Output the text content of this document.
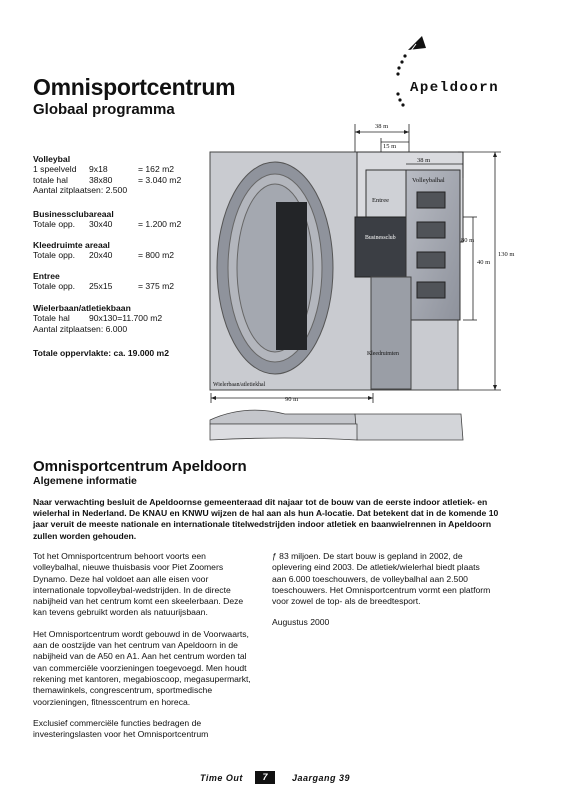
Omnisportcentrum
Globaal programma
Apeldoorn
Volleybal
1 speelveld 9x18	= 162 m2
totale hal 38x80	= 3.040 m2
Aantal zitplaatsen: 2.500
Businessclubareaal
Totale opp. 30x40	= 1.200 m2
Kleedruimte areaal
Totale opp. 20x40	= 800 m2
Entree
Totale opp. 25x15	= 375 m2
Wielerbaan/atletiekbaan
Totale hal 90x130=11.700 m2
Aantal zitplaatsen: 6.000
Totale oppervlakte: ca. 19.000 m2
38 m
15 m
38 m
80 m
40 m
130 m
90 m
Volleybalhal
Entree
Businessclub
Kleedruimten
Wielerbaan/atletiekhal
Omnisportcentrum Apeldoorn
Algemene informatie
Naar verwachting besluit de Apeldoornse gemeenteraad dit najaar tot de bouw van de eerste indoor atletiek- en wielerhal in Nederland. De KNAU en KNWU wijzen de hal aan als hun A-locatie. Dat betekent dat in de komende 10 jaar veruit de meeste nationale en internationale titelwedstrijden indoor atletiek en baanwielrennen in Apeldoorn zullen worden gehouden.

Tot het Omnisportcentrum behoort voorts een volleybalhal, nieuwe thuisbasis voor Piet Zoomers Dynamo. Deze hal voldoet aan alle eisen voor internationale topvolleybal-wedstrijden. In de directe nabijheid van het centrum komt een skeelerbaan. Deze kan tevens gebruikt worden als natuurijsbaan.

Het Omnisportcentrum wordt gebouwd in de Voorwaarts, aan de oostzijde van het centrum van Apeldoorn in de nabijheid van de A50 en A1. Aan het centrum worden tal van commerciële voorzieningen toegevoegd. Men houdt rekening met kantoren, megabioscoop, megasupermarkt, themawinkels, congrescentrum, sportmedische voorzieningen, fitnesscentrum en horeca.

Exclusief commerciële functies bedragen de investeringslasten voor het Omnisportcentrum

ƒ 83 miljoen. De start bouw is gepland in 2002, de oplevering eind 2003. De atletiek/wielerhal biedt plaats aan 6.000 toeschouwers, de volleybalhal aan 2.500 toeschouwers. Het Omnisportcentrum vormt een platform voor zowel de top- als de breedtesport.

Augustus 2000

Time Out	7	Jaargang 39
